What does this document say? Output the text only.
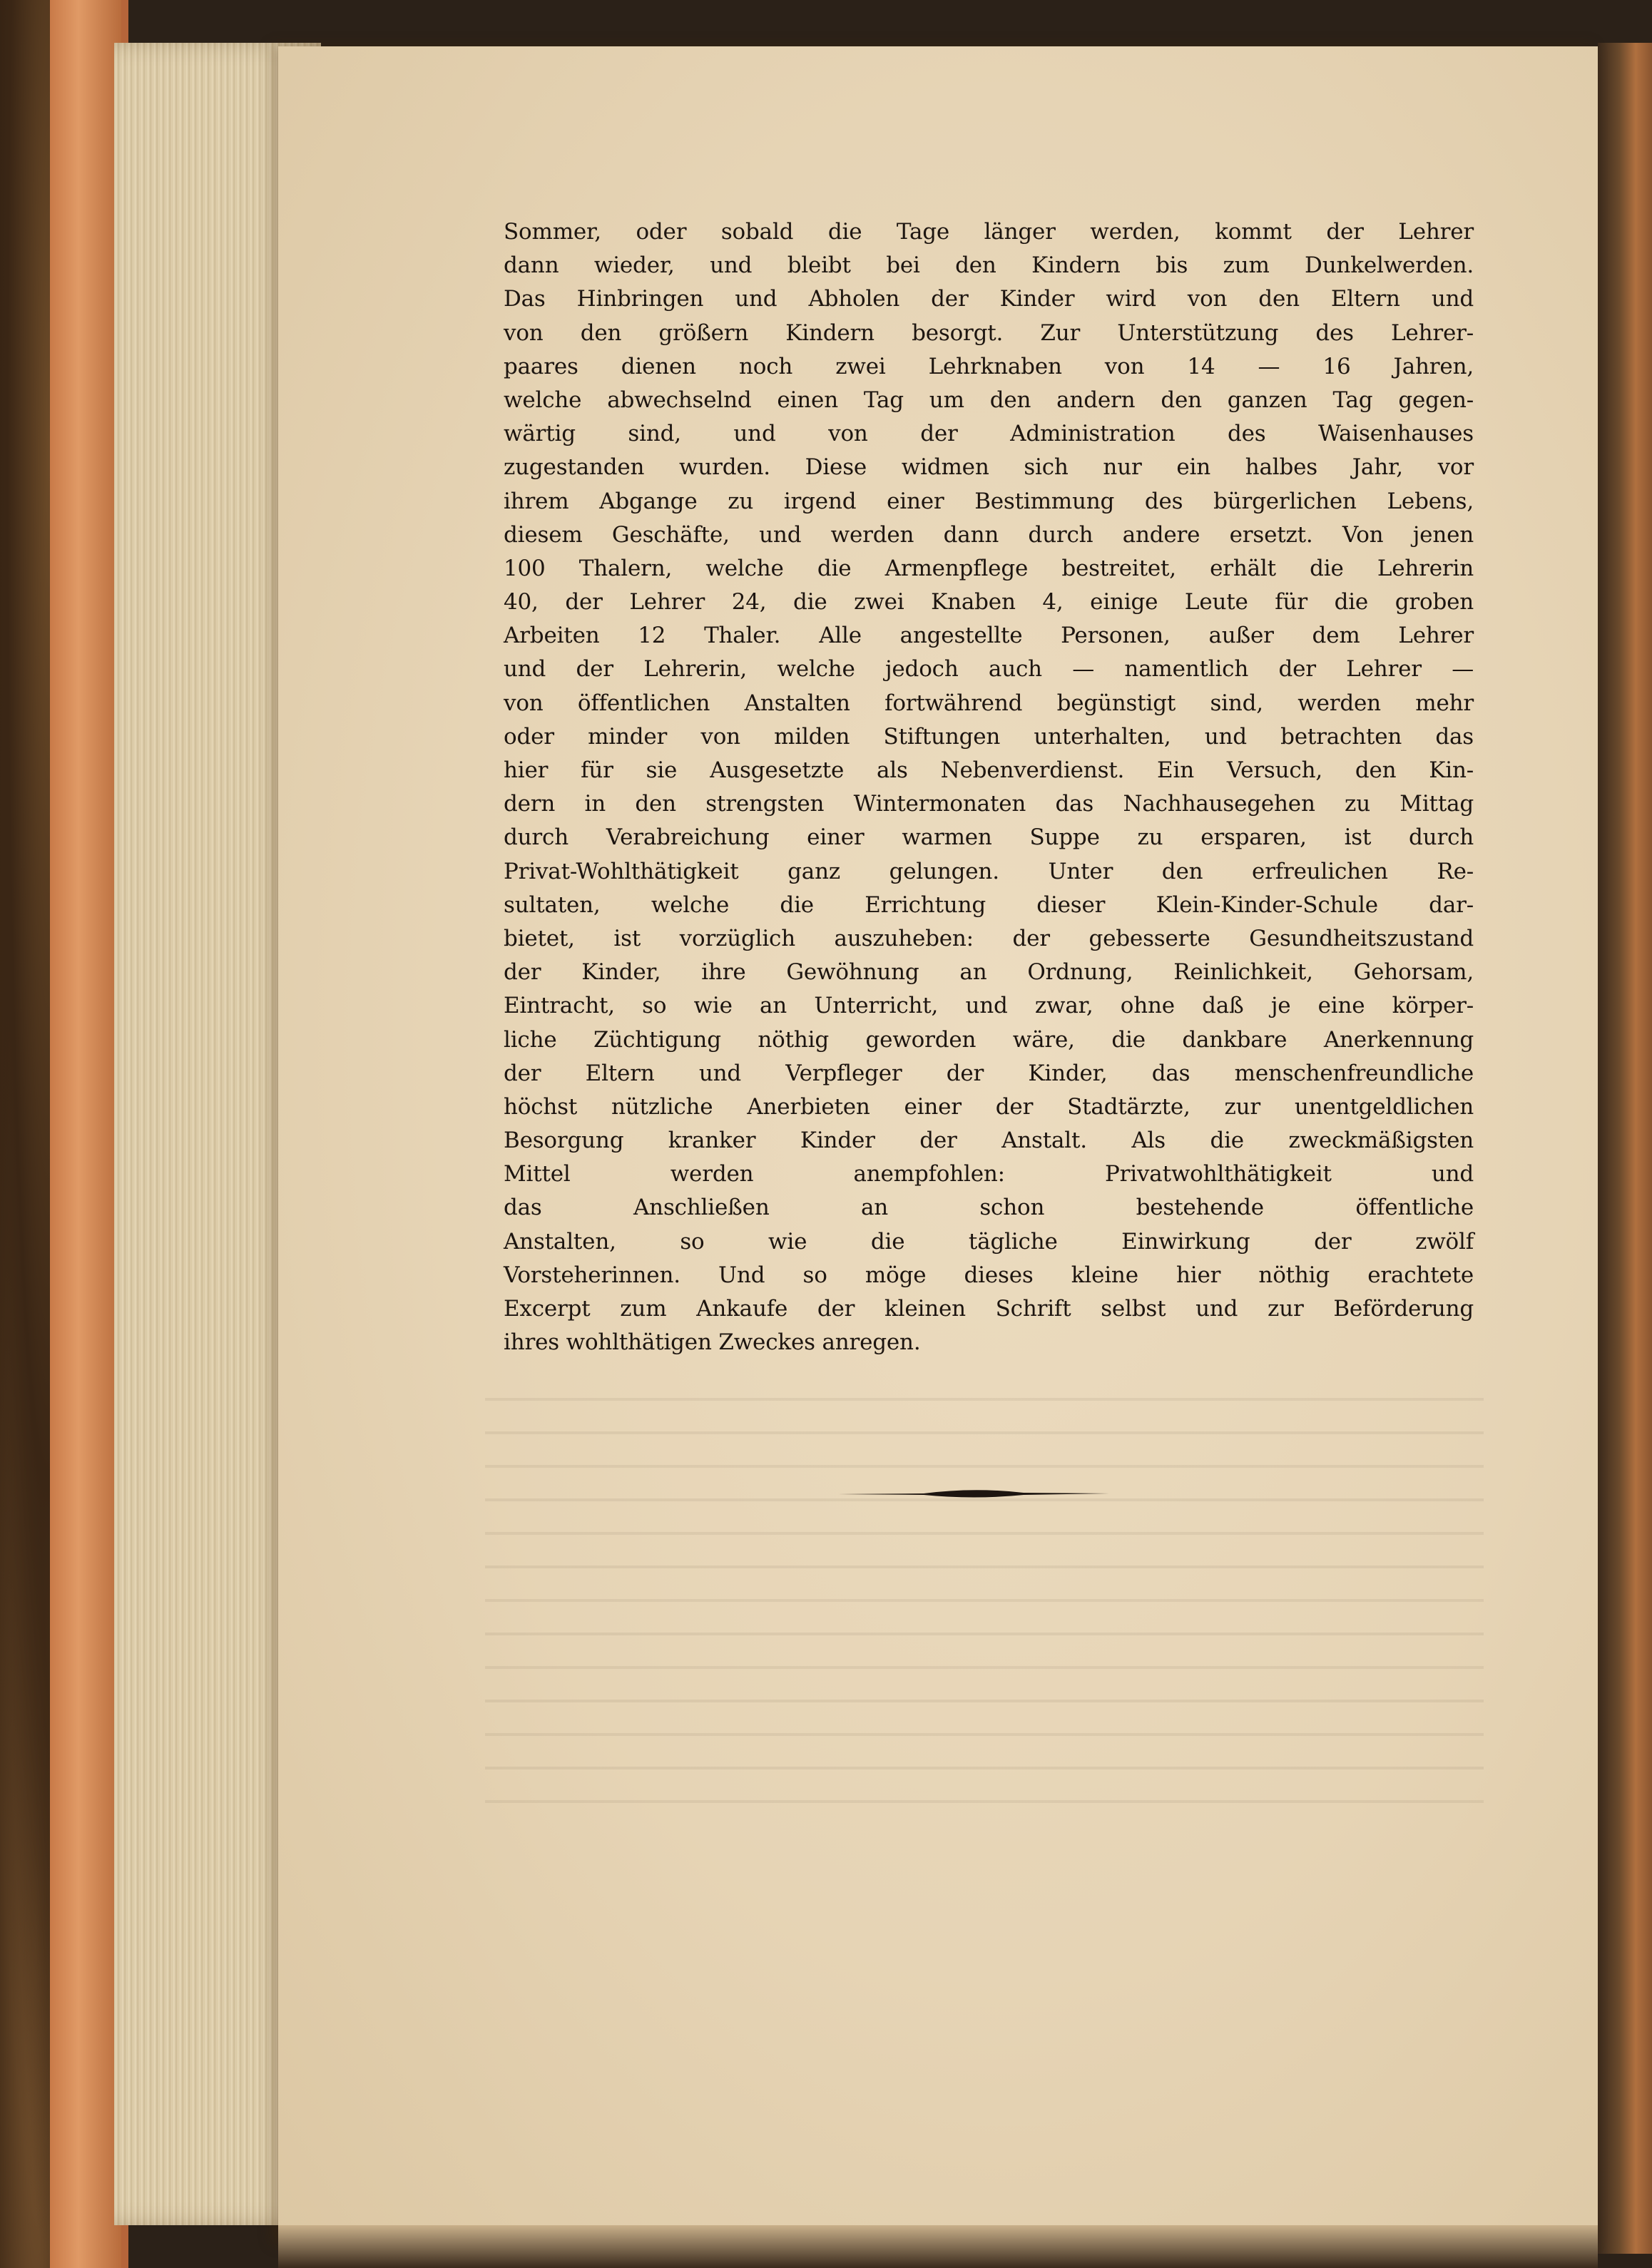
Sommer, oder sobald die Tage länger werden, kommt der Lehrer
dann wieder, und bleibt bei den Kindern bis zum Dunkelwerden.
Das Hinbringen und Abholen der Kinder wird von den Eltern und
von den größern Kindern besorgt. Zur Unterstützung des Lehrer-
paares dienen noch zwei Lehrknaben von 14 — 16 Jahren,
welche abwechselnd einen Tag um den andern den ganzen Tag gegen-
wärtig sind, und von der Administration des Waisenhauses
zugestanden wurden. Diese widmen sich nur ein halbes Jahr, vor
ihrem Abgange zu irgend einer Bestimmung des bürgerlichen Lebens,
diesem Geschäfte, und werden dann durch andere ersetzt. Von jenen
100 Thalern, welche die Armenpflege bestreitet, erhält die Lehrerin
40, der Lehrer 24, die zwei Knaben 4, einige Leute für die groben
Arbeiten 12 Thaler. Alle angestellte Personen, außer dem Lehrer
und der Lehrerin, welche jedoch auch — namentlich der Lehrer —
von öffentlichen Anstalten fortwährend begünstigt sind, werden mehr
oder minder von milden Stiftungen unterhalten, und betrachten das
hier für sie Ausgesetzte als Nebenverdienst. Ein Versuch, den Kin-
dern in den strengsten Wintermonaten das Nachhausegehen zu Mittag
durch Verabreichung einer warmen Suppe zu ersparen, ist durch
Privat-Wohlthätigkeit ganz gelungen. Unter den erfreulichen Re-
sultaten, welche die Errichtung dieser Klein-Kinder-Schule dar-
bietet, ist vorzüglich auszuheben: der gebesserte Gesundheitszustand
der Kinder, ihre Gewöhnung an Ordnung, Reinlichkeit, Gehorsam,
Eintracht, so wie an Unterricht, und zwar, ohne daß je eine körper-
liche Züchtigung nöthig geworden wäre, die dankbare Anerkennung
der Eltern und Verpfleger der Kinder, das menschenfreundliche
höchst nützliche Anerbieten einer der Stadtärzte, zur unentgeldlichen
Besorgung kranker Kinder der Anstalt. Als die zweckmäßigsten
Mittel werden anempfohlen: Privatwohlthätigkeit und
das Anschließen an schon bestehende öffentliche
Anstalten, so wie die tägliche Einwirkung der zwölf
Vorsteherinnen. Und so möge dieses kleine hier nöthig erachtete
Excerpt zum Ankaufe der kleinen Schrift selbst und zur Beförderung
ihres wohlthätigen Zweckes anregen.
